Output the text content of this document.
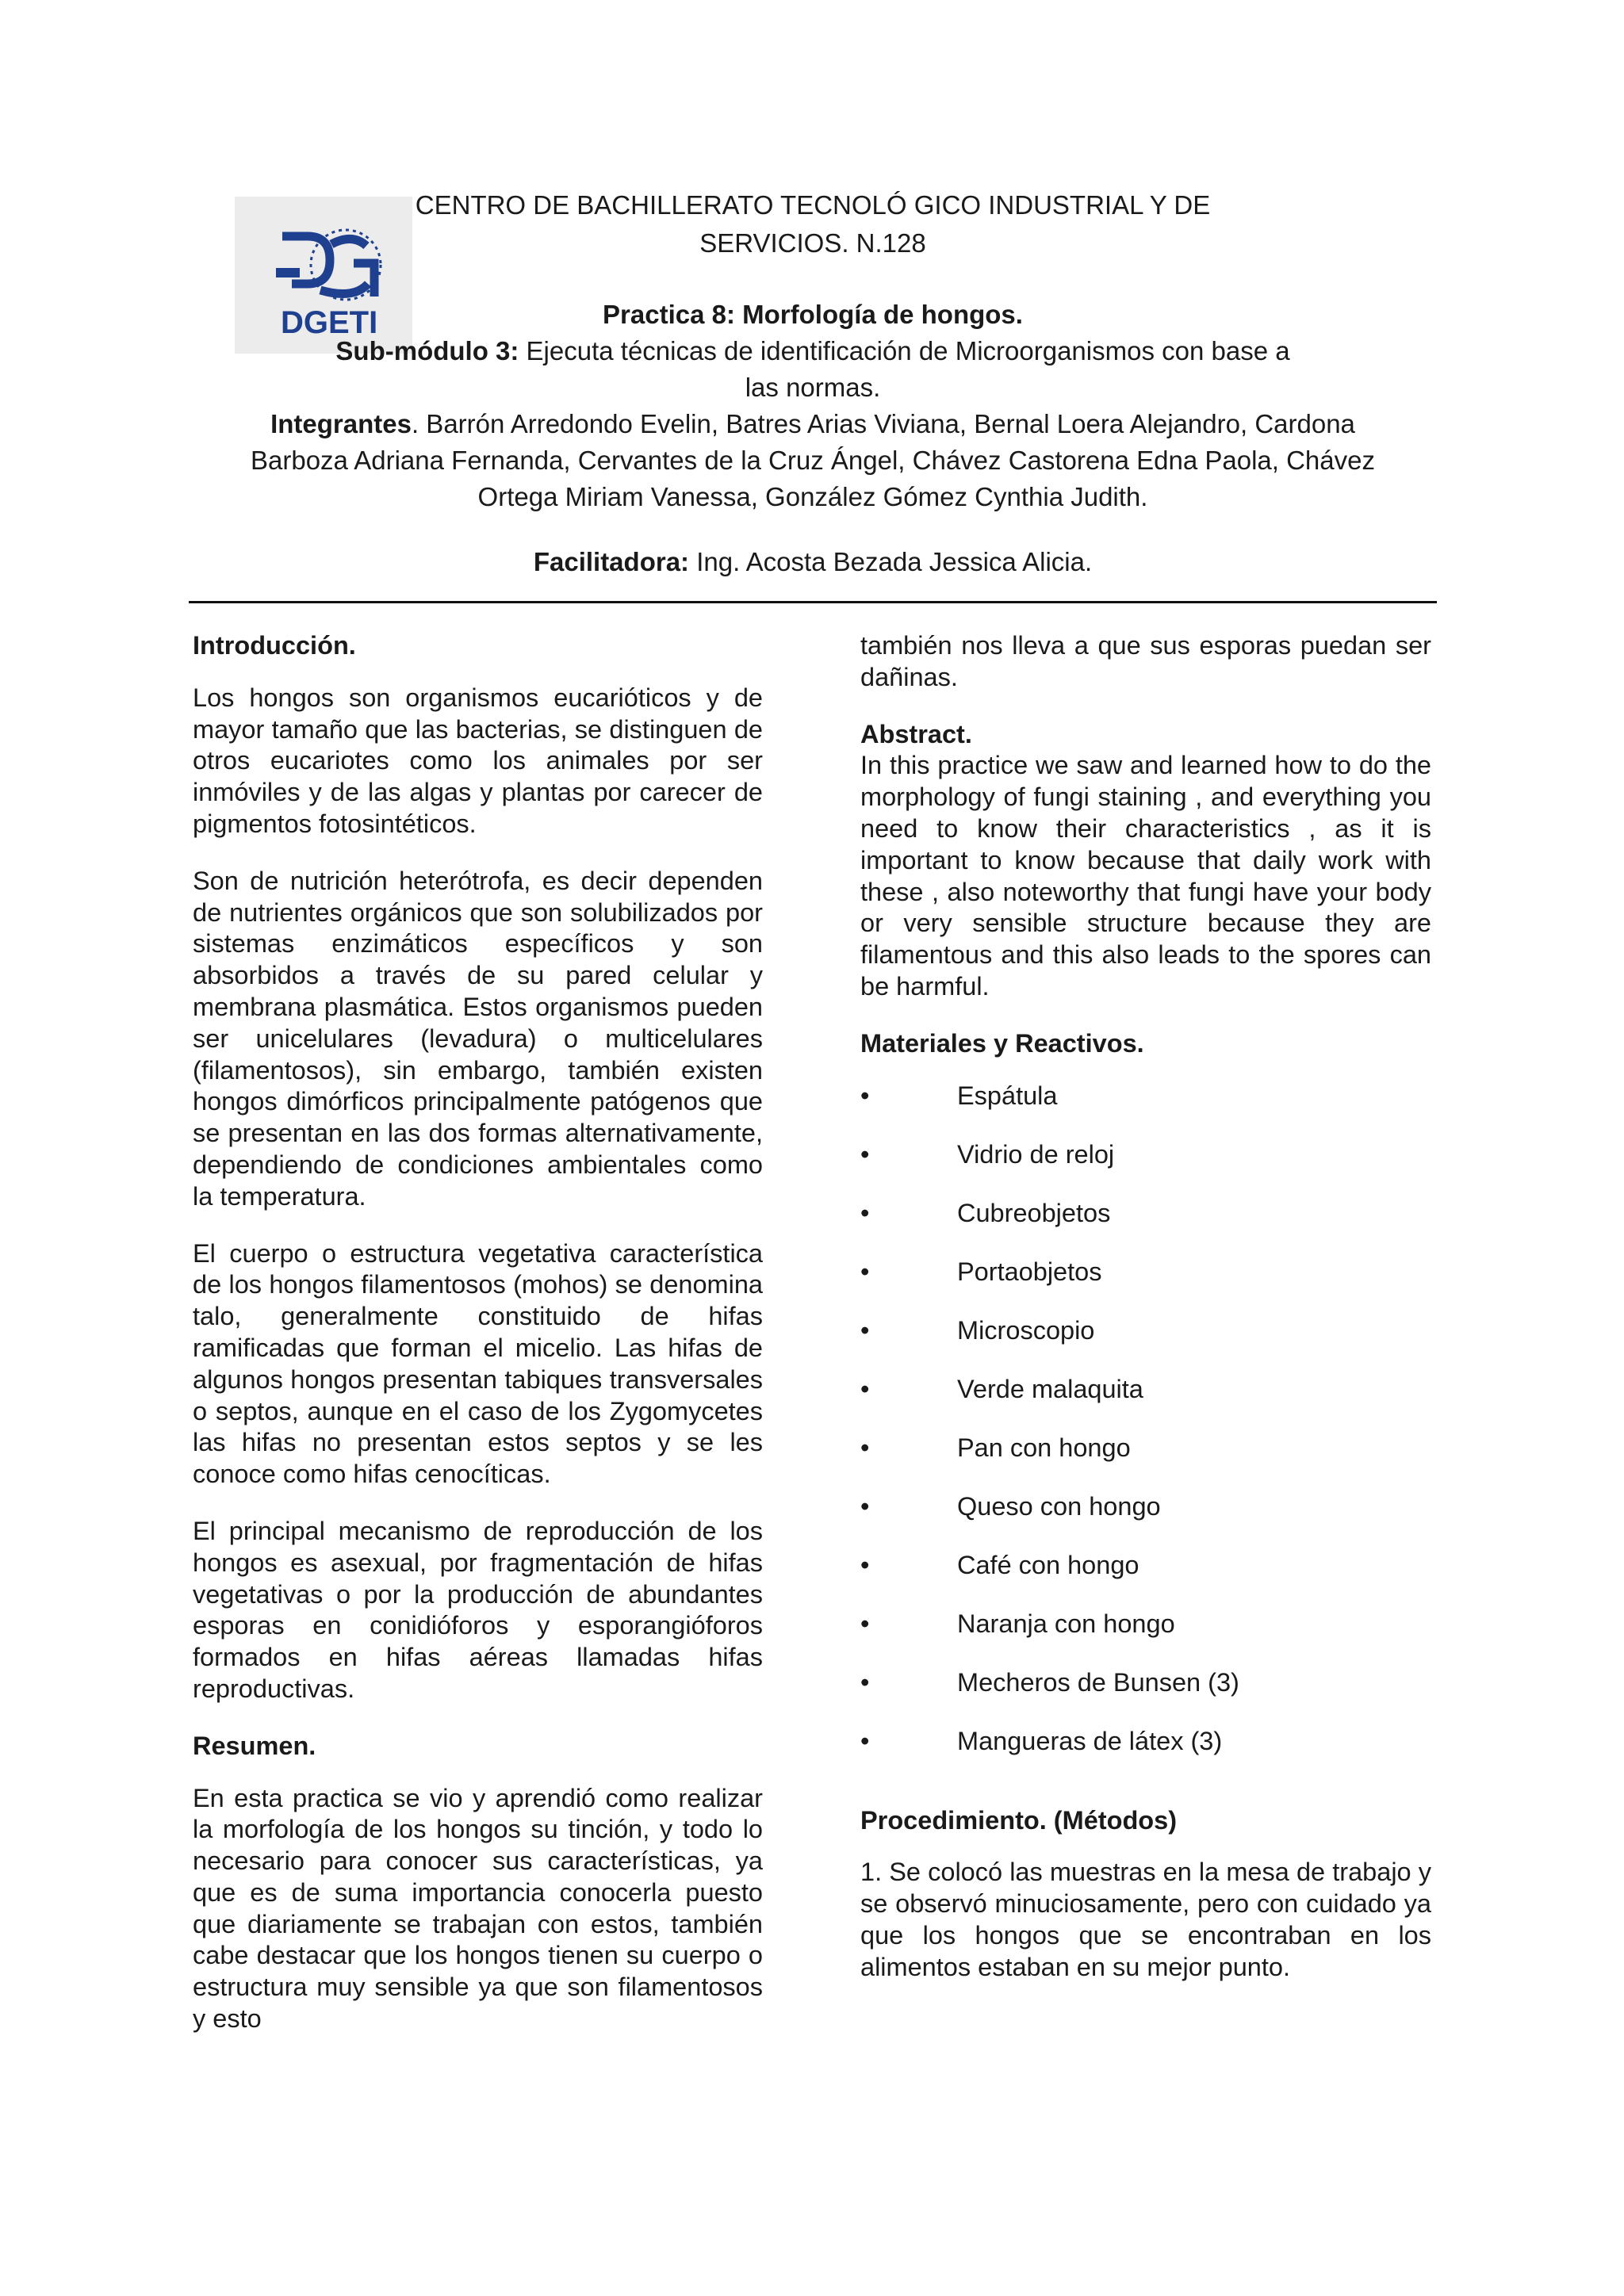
DGETI
CENTRO DE BACHILLERATO TECNOLÓ GICO INDUSTRIAL Y DE
SERVICIOS. N.128
Practica 8: Morfología de hongos.
Sub-módulo 3: Ejecuta técnicas de identificación de Microorganismos con base a
las normas.
Integrantes. Barrón Arredondo Evelin, Batres Arias Viviana, Bernal Loera Alejandro, Cardona
Barboza Adriana Fernanda, Cervantes de la Cruz Ángel, Chávez Castorena Edna Paola, Chávez
Ortega Miriam Vanessa, González Gómez Cynthia Judith.
Facilitadora: Ing. Acosta Bezada Jessica Alicia.
Introducción.

Los hongos son organismos eucarióticos y de mayor tamaño que las bacterias, se distinguen de otros eucariotes como los animales por ser inmóviles y de las algas y plantas por carecer de pigmentos fotosintéticos.

Son de nutrición heterótrofa, es decir dependen de nutrientes orgánicos que son solubilizados por sistemas enzimáticos específicos y son absorbidos a través de su pared celular y membrana plasmática. Estos organismos pueden ser unicelulares (levadura) o multicelulares (filamentosos), sin embargo, también existen hongos dimórficos principalmente patógenos que se presentan en las dos formas alternativamente, dependiendo de condiciones ambientales como la temperatura.

El cuerpo o estructura vegetativa característica de los hongos filamentosos (mohos) se denomina talo, generalmente constituido de hifas ramificadas que forman el micelio. Las hifas de algunos hongos presentan tabiques transversales o septos, aunque en el caso de los Zygomycetes las hifas no presentan estos septos y se les conoce como hifas cenocíticas.

El principal mecanismo de reproducción de los hongos es asexual, por fragmentación de hifas vegetativas o por la producción de abundantes esporas en conidióforos y esporangióforos formados en hifas aéreas llamadas hifas reproductivas.

Resumen.

En esta practica se vio y aprendió como realizar la morfología de los hongos su tinción, y todo lo necesario para conocer sus características, ya que es de suma importancia conocerla puesto que diariamente se trabajan con estos, también cabe destacar que los hongos tienen su cuerpo o estructura muy sensible ya que son filamentosos y esto

también nos lleva a que sus esporas puedan ser dañinas.

Abstract.

In this practice we saw and learned how to do the morphology of fungi staining , and everything you need to know their characteristics , as it is important to know because that daily work with these , also noteworthy that fungi have your body or very sensible structure because they are filamentous and this also leads to the spores can be harmful.

Materiales y Reactivos.
•	Espátula
•	Vidrio de reloj
•	Cubreobjetos
•	Portaobjetos
•	Microscopio
•	Verde malaquita
•	Pan con hongo
•	Queso con hongo
•	Café con hongo
•	Naranja con hongo
•	Mecheros de Bunsen (3)
•	Mangueras de látex (3)
Procedimiento. (Métodos)

1. Se colocó las muestras en la mesa de trabajo y se observó minuciosamente, pero con cuidado ya que los hongos que se encontraban en los alimentos estaban en su mejor punto.
